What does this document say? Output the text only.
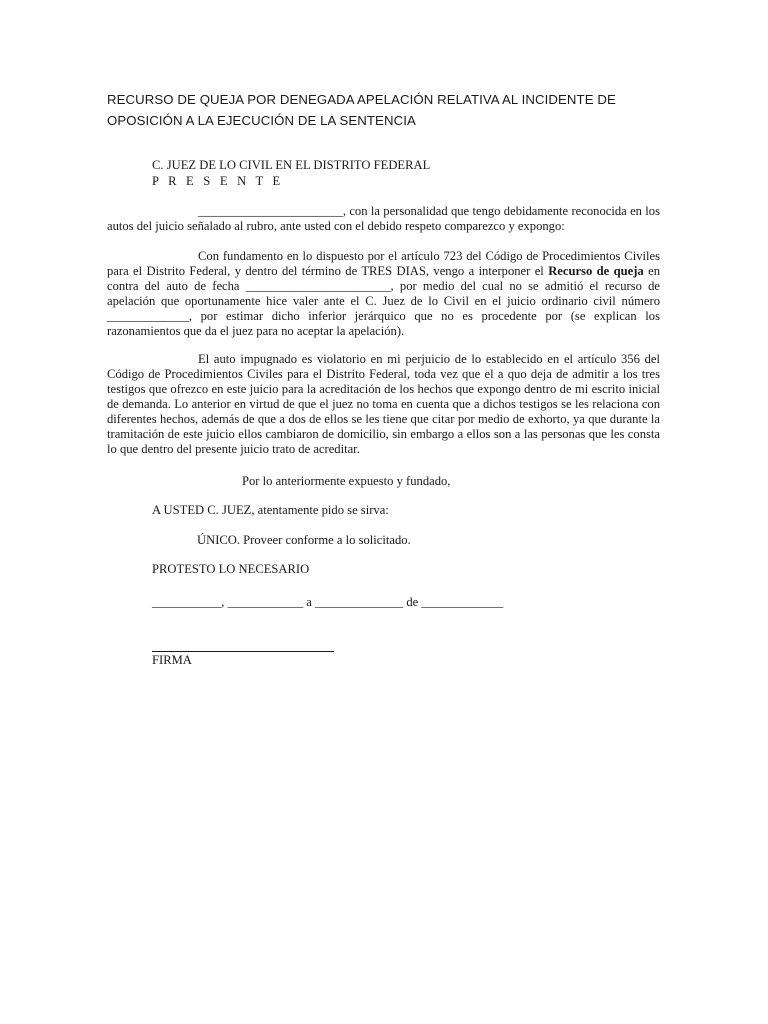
RECURSO DE QUEJA POR DENEGADA APELACIÓN RELATIVA AL INCIDENTE DE OPOSICIÓN A LA EJECUCIÓN DE LA SENTENCIA
C. JUEZ DE LO CIVIL EN EL DISTRITO FEDERAL
P R E S E N T E

_______________________, con la personalidad que tengo debidamente reconocida en los autos del juicio señalado al rubro, ante usted con el debido respeto comparezco y expongo:

Con fundamento en lo dispuesto por el artículo 723 del Código de Procedimientos Civiles para el Distrito Federal, y dentro del término de TRES DIAS, vengo a interponer el Recurso de queja en contra del auto de fecha _______________________, por medio del cual no se admitió el recurso de apelación que oportunamente hice valer ante el C. Juez de lo Civil en el juicio ordinario civil número _____________, por estimar dicho inferior jerárquico que no es procedente por (se explican los razonamientos que da el juez para no aceptar la apelación).

El auto impugnado es violatorio en mi perjuicio de lo establecido en el artículo 356 del Código de Procedimientos Civiles para el Distrito Federal, toda vez que el a quo deja de admitir a los tres testigos que ofrezco en este juicio para la acreditación de los hechos que expongo dentro de mi escrito inicial de demanda. Lo anterior en virtud de que el juez no toma en cuenta que a dichos testigos se les relaciona con diferentes hechos, además de que a dos de ellos se les tiene que citar por medio de exhorto, ya que durante la tramitación de este juicio ellos cambiaron de domicilio, sin embargo a ellos son a las personas que les consta lo que dentro del presente juicio trato de acreditar.

Por lo anteriormente expuesto y fundado,

A USTED C. JUEZ, atentamente pido se sirva:

ÚNICO. Proveer conforme a lo solicitado.

PROTESTO LO NECESARIO

___________, ____________ a ______________ de _____________

FIRMA
